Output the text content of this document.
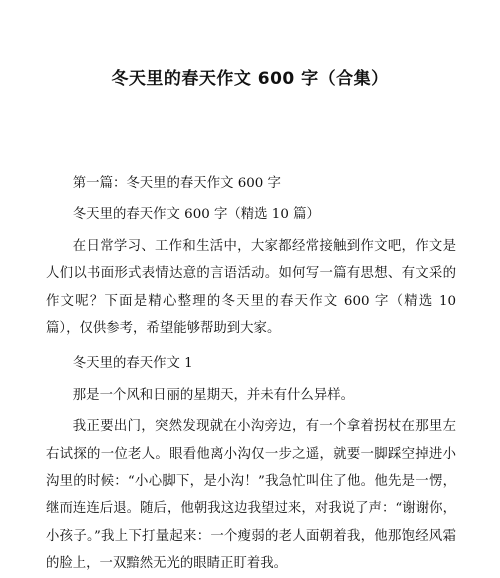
冬天里的春天作文 600 字（合集）

第一篇：冬天里的春天作文 600 字

冬天里的春天作文 600 字（精选 10 篇）

在日常学习、工作和生活中，大家都经常接触到作文吧，作文是人们以书面形式表情达意的言语活动。如何写一篇有思想、有文采的作文呢？下面是精心整理的冬天里的春天作文 600 字（精选 10 篇），仅供参考，希望能够帮助到大家。

冬天里的春天作文 1

那是一个风和日丽的星期天，并未有什么异样。

我正要出门，突然发现就在小沟旁边，有一个拿着拐杖在那里左右试探的一位老人。眼看他离小沟仅一步之遥，就要一脚踩空掉进小沟里的时候：“小心脚下，是小沟！”我急忙叫住了他。他先是一愣，继而连连后退。随后，他朝我这边我望过来，对我说了声：“谢谢你，小孩子。”我上下打量起来：一个瘦弱的老人面朝着我，他那饱经风霜的脸上，一双黯然无光的眼睛正盯着我。
